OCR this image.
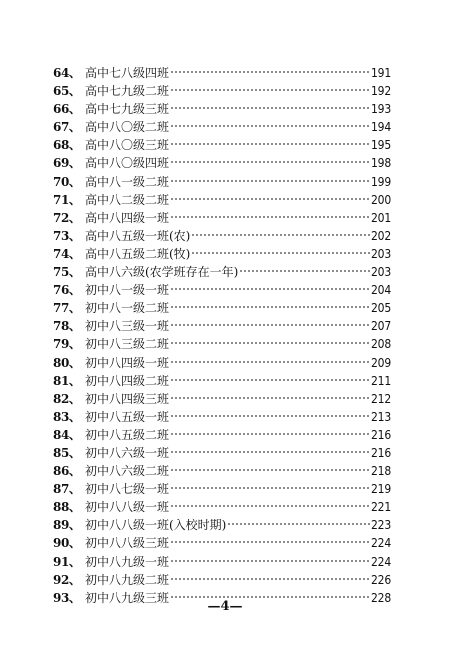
64、 高中七八级四班	191
65、 高中七九级二班	192
66、 高中七九级三班	193
67、 高中八〇级二班	194
68、 高中八〇级三班	195
69、 高中八〇级四班	198
70、 高中八一级二班	199
71、 高中八二级二班	200
72、 高中八四级一班	201
73、 高中八五级一班(农)	202
74、 高中八五级二班(牧)	203
75、 高中八六级(农学班存在一年)	203
76、 初中八一级一班	204
77、 初中八一级二班	205
78、 初中八三级一班	207
79、 初中八三级二班	208
80、 初中八四级一班	209
81、 初中八四级二班	211
82、 初中八四级三班	212
83、 初中八五级一班	213
84、 初中八五级二班	216
85、 初中八六级一班	216
86、 初中八六级二班	218
87、 初中八七级一班	219
88、 初中八八级一班	221
89、 初中八八级一班(入校时期)	223
90、 初中八八级三班	224
91、 初中八九级一班	224
92、 初中八九级二班	226
93、 初中八九级三班	228
—4—
